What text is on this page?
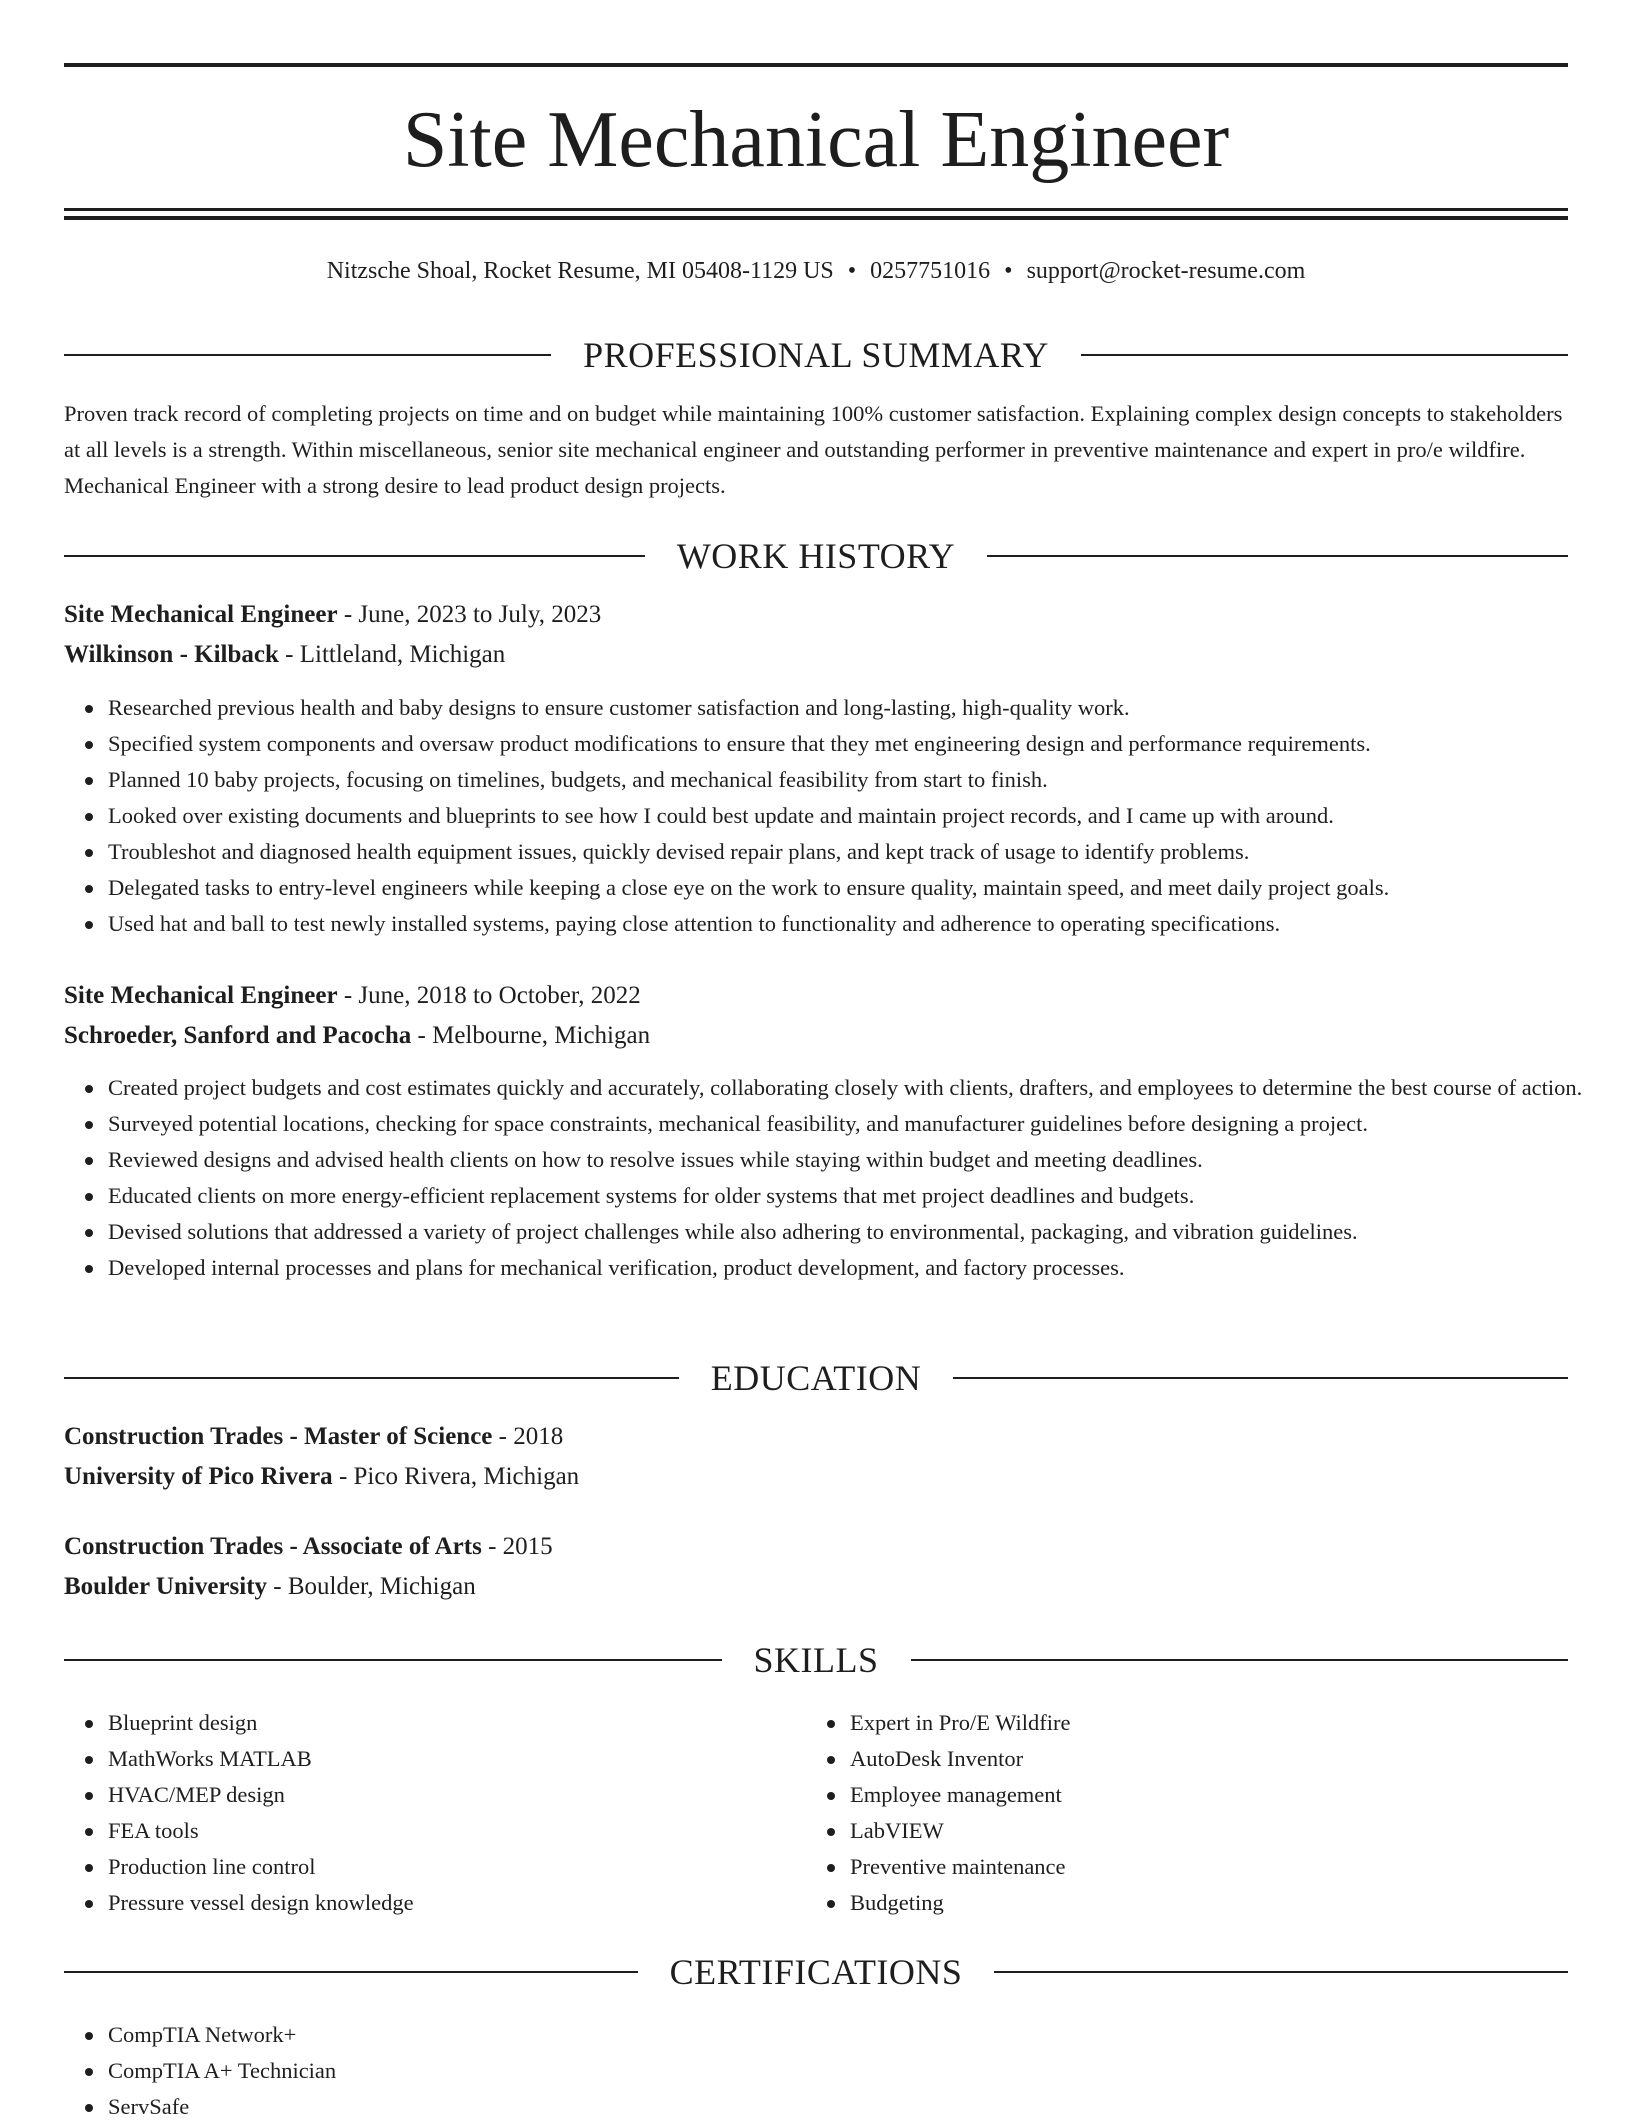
Site Mechanical Engineer
Nitzsche Shoal, Rocket Resume, MI 05408-1129 US • 0257751016 • support@rocket-resume.com
PROFESSIONAL SUMMARY
Proven track record of completing projects on time and on budget while maintaining 100% customer satisfaction. Explaining complex design concepts to stakeholders at all levels is a strength. Within miscellaneous, senior site mechanical engineer and outstanding performer in preventive maintenance and expert in pro/e wildfire. Mechanical Engineer with a strong desire to lead product design projects.
WORK HISTORY
Site Mechanical Engineer - June, 2023 to July, 2023
Wilkinson - Kilback - Littleland, Michigan
Researched previous health and baby designs to ensure customer satisfaction and long-lasting, high-quality work.
Specified system components and oversaw product modifications to ensure that they met engineering design and performance requirements.
Planned 10 baby projects, focusing on timelines, budgets, and mechanical feasibility from start to finish.
Looked over existing documents and blueprints to see how I could best update and maintain project records, and I came up with around.
Troubleshot and diagnosed health equipment issues, quickly devised repair plans, and kept track of usage to identify problems.
Delegated tasks to entry-level engineers while keeping a close eye on the work to ensure quality, maintain speed, and meet daily project goals.
Used hat and ball to test newly installed systems, paying close attention to functionality and adherence to operating specifications.
Site Mechanical Engineer - June, 2018 to October, 2022
Schroeder, Sanford and Pacocha - Melbourne, Michigan
Created project budgets and cost estimates quickly and accurately, collaborating closely with clients, drafters, and employees to determine the best course of action.
Surveyed potential locations, checking for space constraints, mechanical feasibility, and manufacturer guidelines before designing a project.
Reviewed designs and advised health clients on how to resolve issues while staying within budget and meeting deadlines.
Educated clients on more energy-efficient replacement systems for older systems that met project deadlines and budgets.
Devised solutions that addressed a variety of project challenges while also adhering to environmental, packaging, and vibration guidelines.
Developed internal processes and plans for mechanical verification, product development, and factory processes.
EDUCATION
Construction Trades - Master of Science - 2018
University of Pico Rivera - Pico Rivera, Michigan
Construction Trades - Associate of Arts - 2015
Boulder University - Boulder, Michigan
SKILLS
Blueprint design
MathWorks MATLAB
HVAC/MEP design
FEA tools
Production line control
Pressure vessel design knowledge
Expert in Pro/E Wildfire
AutoDesk Inventor
Employee management
LabVIEW
Preventive maintenance
Budgeting
CERTIFICATIONS
CompTIA Network+
CompTIA A+ Technician
ServSafe
